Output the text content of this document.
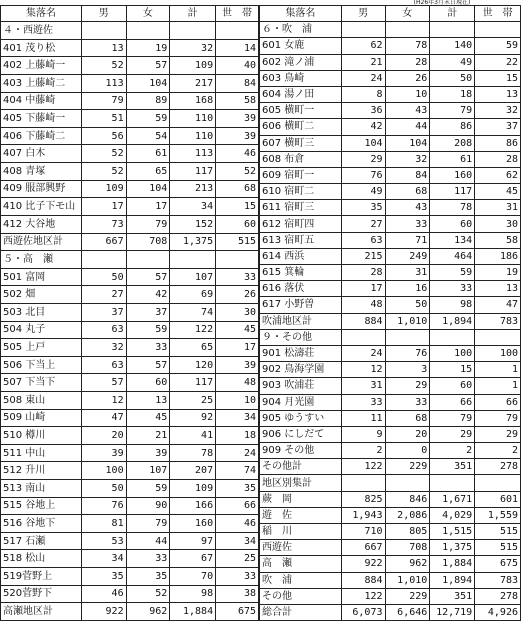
(H26年3月末日現在)
集落名	男	女	計	世　帯
４・西遊佐				
401 茂り松	13	19	32	14
402 上藤崎一	52	57	109	40
403 上藤崎二	113	104	217	84
404 中藤崎	79	89	168	58
405 下藤崎一	51	59	110	39
406 下藤崎二	56	54	110	39
407 白木	52	61	113	46
408 青塚	52	65	117	52
409 服部興野	109	104	213	68
410 比子下モ山	17	17	34	15
412 大谷地	73	79	152	60
西遊佐地区計	667	708	1,375	515
５・高　瀬				
501 富岡	50	57	107	33
502 畑	27	42	69	26
503 北目	37	37	74	30
504 丸子	63	59	122	45
505 上戸	32	33	65	17
506 下当上	63	57	120	39
507 下当下	57	60	117	48
508 東山	12	13	25	10
509 山崎	47	45	92	34
510 樽川	20	21	41	18
511 中山	39	39	78	24
512 升川	100	107	207	74
513 南山	50	59	109	35
515 谷地上	76	90	166	66
516 谷地下	81	79	160	46
517 石瀬	53	44	97	34
518 松山	34	33	67	25
519菅野上	35	35	70	33
520菅野下	46	52	98	38
高瀬地区計	922	962	1,884	675
集落名	男	女	計	世　帯
６・吹　浦				
601 女鹿	62	78	140	59
602 滝ノ浦	21	28	49	22
603 鳥崎	24	26	50	15
604 湯ノ田	8	10	18	13
605 横町一	36	43	79	32
606 横町二	42	44	86	37
607 横町三	104	104	208	86
608 布倉	29	32	61	28
609 宿町一	76	84	160	62
610 宿町二	49	68	117	45
611 宿町三	35	43	78	31
612 宿町四	27	33	60	30
613 宿町五	63	71	134	58
614 西浜	215	249	464	186
615 箕輪	28	31	59	19
616 落伏	17	16	33	13
617 小野曽	48	50	98	47
吹浦地区計	884	1,010	1,894	783
９・その他				
901 松濤荘	24	76	100	100
902 鳥海学園	12	3	15	1
903 吹浦荘	31	29	60	1
904 月光園	33	33	66	66
905 ゆうすい	11	68	79	79
906 にしだて	9	20	29	29
909 その他	2	0	2	2
その他計	122	229	351	278
地区別集計				
蕨　岡	825	846	1,671	601
遊　佐	1,943	2,086	4,029	1,559
稲　川	710	805	1,515	515
西遊佐	667	708	1,375	515
高　瀬	922	962	1,884	675
吹　浦	884	1,010	1,894	783
その他	122	229	351	278
総合計	6,073	6,646	12,719	4,926
